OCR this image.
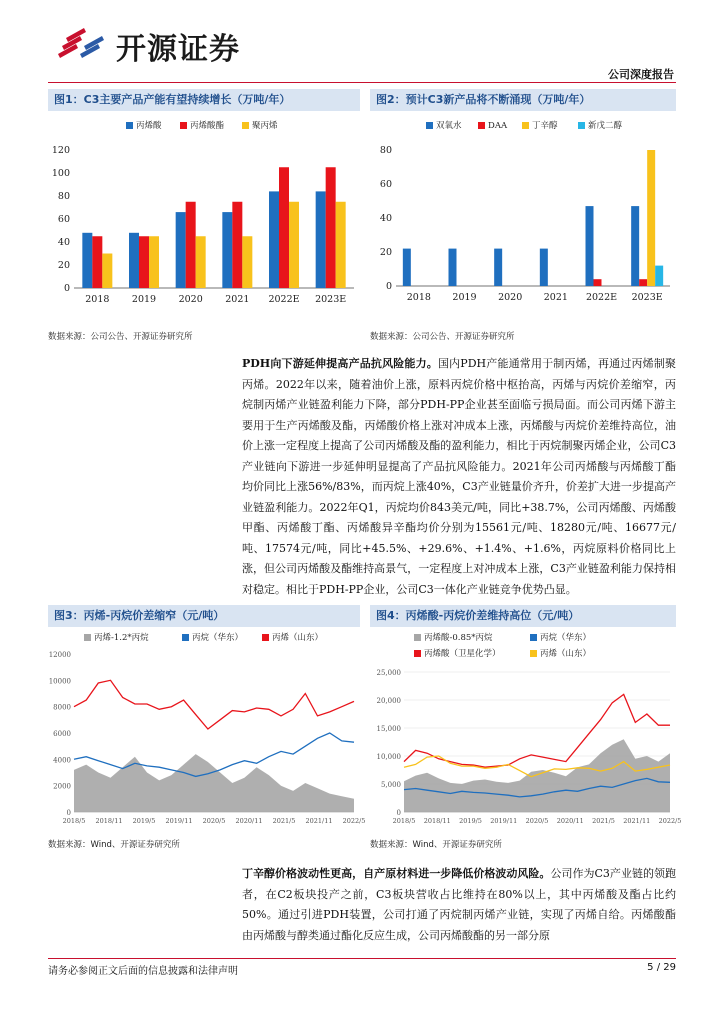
开源证券
公司深度报告
图1：C3主要产品产能有望持续增长（万吨/年）
丙烯酸	丙烯酸酯	聚丙烯
0
20
40
60
80
100
120
2018 2019 2020 2021 2022E 2023E
数据来源：公司公告、开源证券研究所
图2：预计C3新产品将不断涌现（万吨/年）
双氧水	DAA	丁辛醇	新戊二醇
0
20
40
60
80
2018 2019 2020 2021 2022E 2023E
数据来源：公司公告、开源证券研究所
PDH向下游延伸提高产品抗风险能力。国内PDH产能通常用于制丙烯，再通过丙烯制聚丙烯。2022年以来，随着油价上涨，原料丙烷价格中枢抬高，丙烯与丙烷价差缩窄，丙烷制丙烯产业链盈利能力下降，部分PDH-PP企业甚至面临亏损局面。而公司丙烯下游主要用于生产丙烯酸及酯，丙烯酸价格上涨对冲成本上涨，丙烯酸与丙烷价差维持高位，油价上涨一定程度上提高了公司丙烯酸及酯的盈利能力，相比于丙烷制聚丙烯企业，公司C3产业链向下游进一步延伸明显提高了产品抗风险能力。2021年公司丙烯酸与丙烯酸丁酯均价同比上涨56%/83%，而丙烷上涨40%，C3产业链量价齐升，价差扩大进一步提高产业链盈利能力。2022年Q1，丙烷均价843美元/吨，同比+38.7%，公司丙烯酸、丙烯酸甲酯、丙烯酸丁酯、丙烯酸异辛酯均价分别为15561元/吨、18280元/吨、16677元/吨、17574元/吨，同比+45.5%、+29.6%、+1.4%、+1.6%，丙烷原料价格同比上涨，但公司丙烯酸及酯维持高景气，一定程度上对冲成本上涨，C3产业链盈利能力保持相对稳定。相比于PDH-PP企业，公司C3一体化产业链竞争优势凸显。
图3：丙烯-丙烷价差缩窄（元/吨）
丙烯-1.2*丙烷	丙烷（华东）	丙烯（山东）
0
2000
4000
6000
8000
10000
12000
2018/5 2018/11 2019/5 2019/11 2020/5 2020/11 2021/5 2021/11 2022/5
数据来源：Wind、开源证券研究所
图4：丙烯酸-丙烷价差维持高位（元/吨）
丙烯酸-0.85*丙烷	丙烷（华东）
丙烯酸（卫星化学）	丙烯（山东）
0
5,000
10,000
15,000
20,000
25,000
2018/5 2018/11 2019/5 2019/11 2020/5 2020/11 2021/5 2021/11 2022/5
数据来源：Wind、开源证券研究所
丁辛醇价格波动性更高，自产原材料进一步降低价格波动风险。公司作为C3产业链的领跑者，在C2板块投产之前，C3板块营收占比维持在80%以上，其中丙烯酸及酯占比约50%。通过引进PDH装置，公司打通了丙烷制丙烯产业链，实现了丙烯自给。丙烯酸酯由丙烯酸与醇类通过酯化反应生成，公司丙烯酸酯的另一部分原
请务必参阅正文后面的信息披露和法律声明	5 / 29
